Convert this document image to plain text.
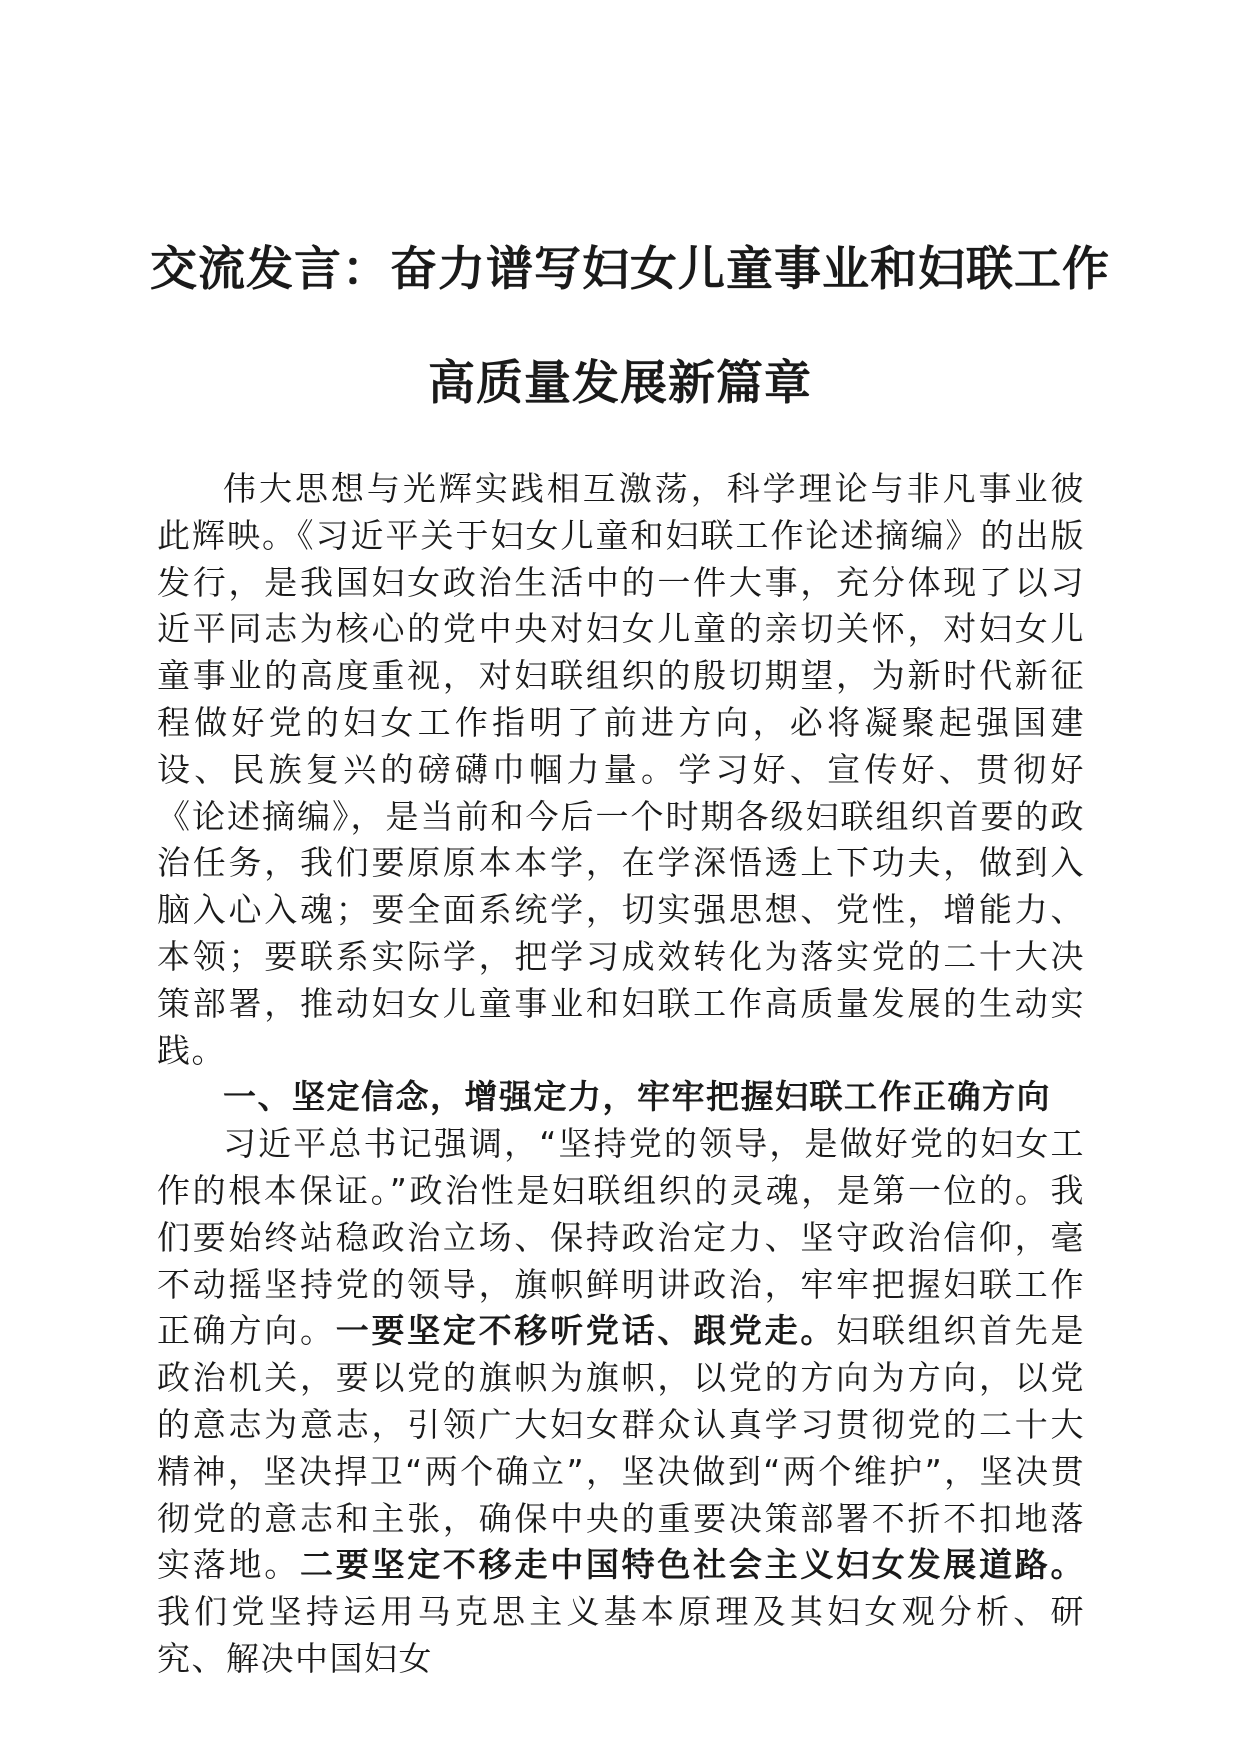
交流发言：奋力谱写妇女儿童事业和妇联工作
高质量发展新篇章

伟大思想与光辉实践相互激荡，科学理论与非凡事业彼此辉映。《习近平关于妇女儿童和妇联工作论述摘编》的出版发行，是我国妇女政治生活中的一件大事，充分体现了以习近平同志为核心的党中央对妇女儿童的亲切关怀，对妇女儿童事业的高度重视，对妇联组织的殷切期望，为新时代新征程做好党的妇女工作指明了前进方向，必将凝聚起强国建设、民族复兴的磅礴巾帼力量。学习好、宣传好、贯彻好《论述摘编》，是当前和今后一个时期各级妇联组织首要的政治任务，我们要原原本本学，在学深悟透上下功夫，做到入脑入心入魂；要全面系统学，切实强思想、党性，增能力、本领；要联系实际学，把学习成效转化为落实党的二十大决策部署，推动妇女儿童事业和妇联工作高质量发展的生动实践。

一、坚定信念，增强定力，牢牢把握妇联工作正确方向

习近平总书记强调，“坚持党的领导，是做好党的妇女工作的根本保证。”政治性是妇联组织的灵魂，是第一位的。我们要始终站稳政治立场、保持政治定力、坚守政治信仰，毫不动摇坚持党的领导，旗帜鲜明讲政治，牢牢把握妇联工作正确方向。一要坚定不移听党话、跟党走。妇联组织首先是政治机关，要以党的旗帜为旗帜，以党的方向为方向，以党的意志为意志，引领广大妇女群众认真学习贯彻党的二十大精神，坚决捍卫“两个确立”，坚决做到“两个维护”，坚决贯彻党的意志和主张，确保中央的重要决策部署不折不扣地落实落地。二要坚定不移走中国特色社会主义妇女发展道路。我们党坚持运用马克思主义基本原理及其妇女观分析、研究、解决中国妇女
